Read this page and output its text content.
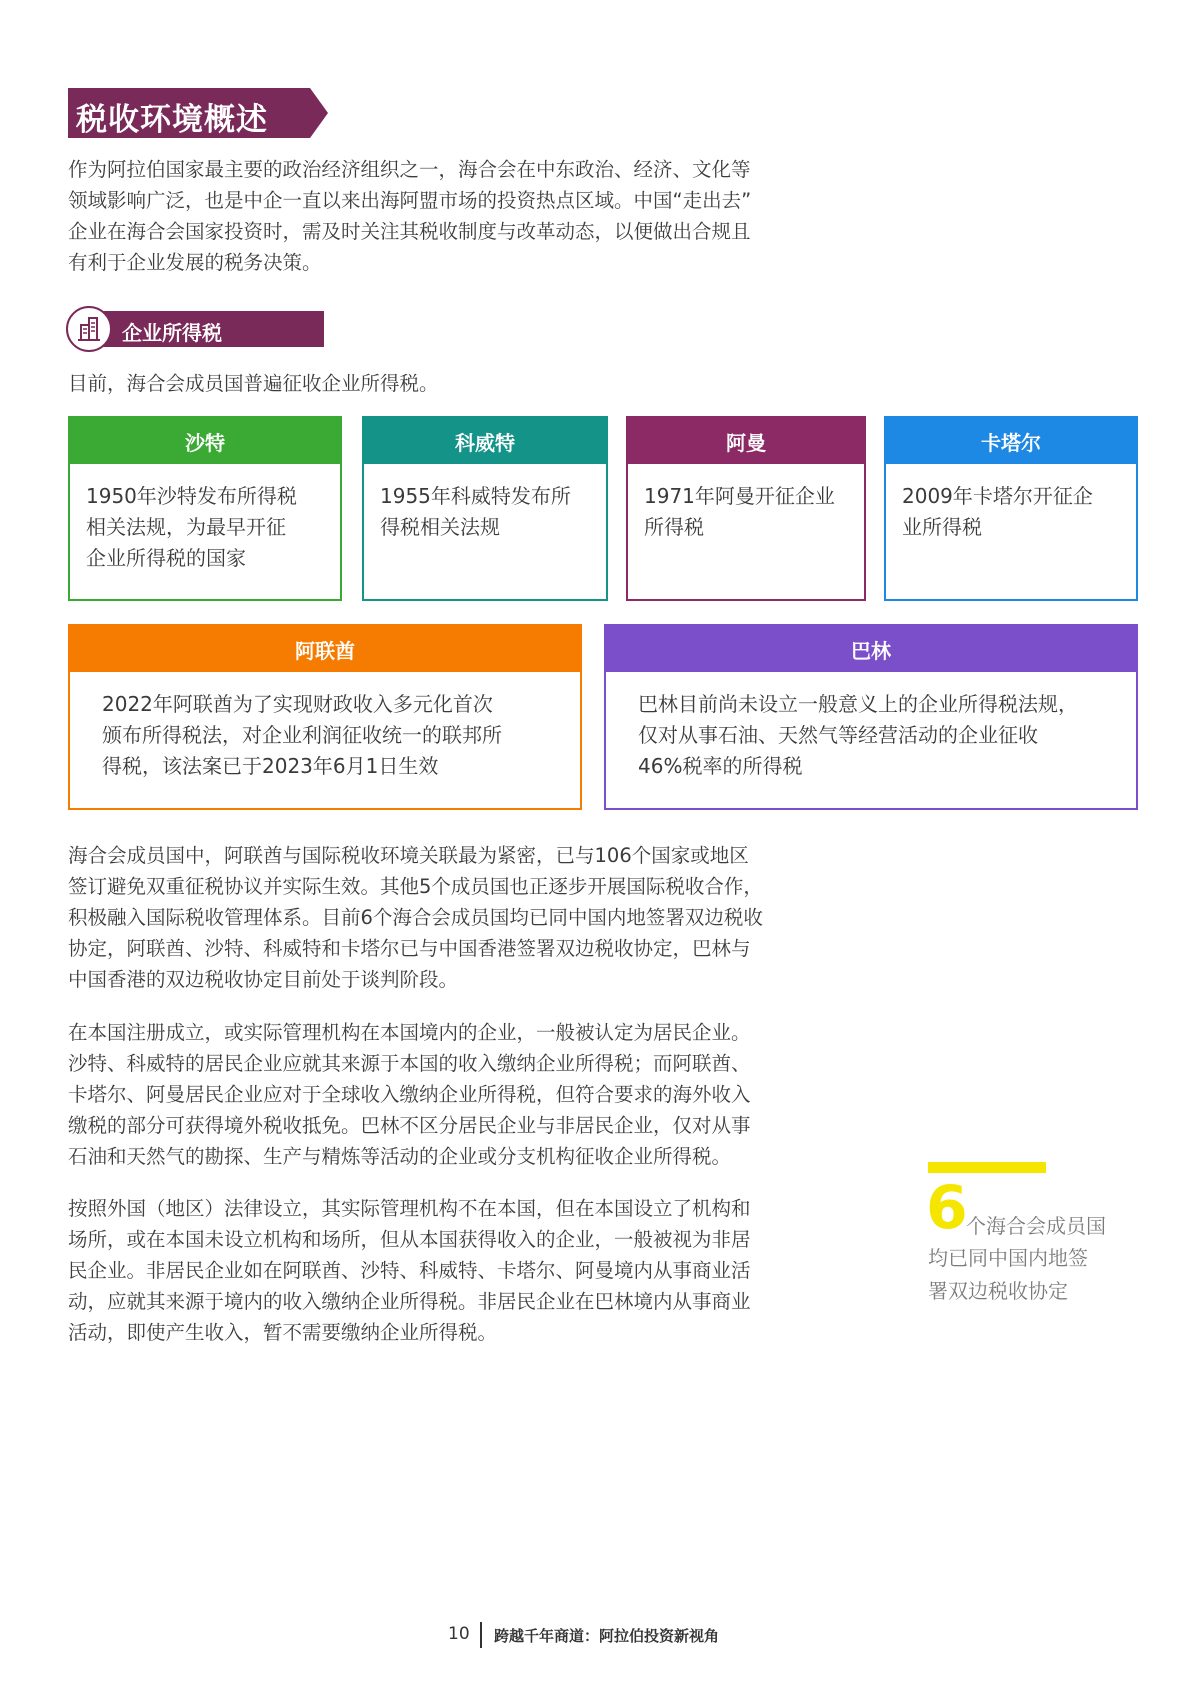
税收环境概述

作为阿拉伯国家最主要的政治经济组织之一，海合会在中东政治、经济、文化等

领域影响广泛，也是中企一直以来出海阿盟市场的投资热点区域。中国“走出去”

企业在海合会国家投资时，需及时关注其税收制度与改革动态，以便做出合规且

有利于企业发展的税务决策。

企业所得税

目前，海合会成员国普遍征收企业所得税。

沙特

1950年沙特发布所得税

相关法规，为最早开征

企业所得税的国家

科威特

1955年科威特发布所

得税相关法规

阿曼

1971年阿曼开征企业

所得税

卡塔尔

2009年卡塔尔开征企

业所得税

阿联酋

2022年阿联酋为了实现财政收入多元化首次

颁布所得税法，对企业利润征收统一的联邦所

得税，该法案已于2023年6月1日生效

巴林

巴林目前尚未设立一般意义上的企业所得税法规，

仅对从事石油、天然气等经营活动的企业征收

46%税率的所得税

海合会成员国中，阿联酋与国际税收环境关联最为紧密，已与106个国家或地区

签订避免双重征税协议并实际生效。其他5个成员国也正逐步开展国际税收合作，

积极融入国际税收管理体系。目前6个海合会成员国均已同中国内地签署双边税收

协定，阿联酋、沙特、科威特和卡塔尔已与中国香港签署双边税收协定，巴林与

中国香港的双边税收协定目前处于谈判阶段。

在本国注册成立，或实际管理机构在本国境内的企业，一般被认定为居民企业。

沙特、科威特的居民企业应就其来源于本国的收入缴纳企业所得税；而阿联酋、

卡塔尔、阿曼居民企业应对于全球收入缴纳企业所得税，但符合要求的海外收入

缴税的部分可获得境外税收抵免。巴林不区分居民企业与非居民企业，仅对从事

石油和天然气的勘探、生产与精炼等活动的企业或分支机构征收企业所得税。

按照外国（地区）法律设立，其实际管理机构不在本国，但在本国设立了机构和

场所，或在本国未设立机构和场所，但从本国获得收入的企业，一般被视为非居

民企业。非居民企业如在阿联酋、沙特、科威特、卡塔尔、阿曼境内从事商业活

动，应就其来源于境内的收入缴纳企业所得税。非居民企业在巴林境内从事商业

活动，即使产生收入，暂不需要缴纳企业所得税。

6
个海合会成员国
均已同中国内地签
署双边税收协定
10 跨越千年商道：阿拉伯投资新视角
